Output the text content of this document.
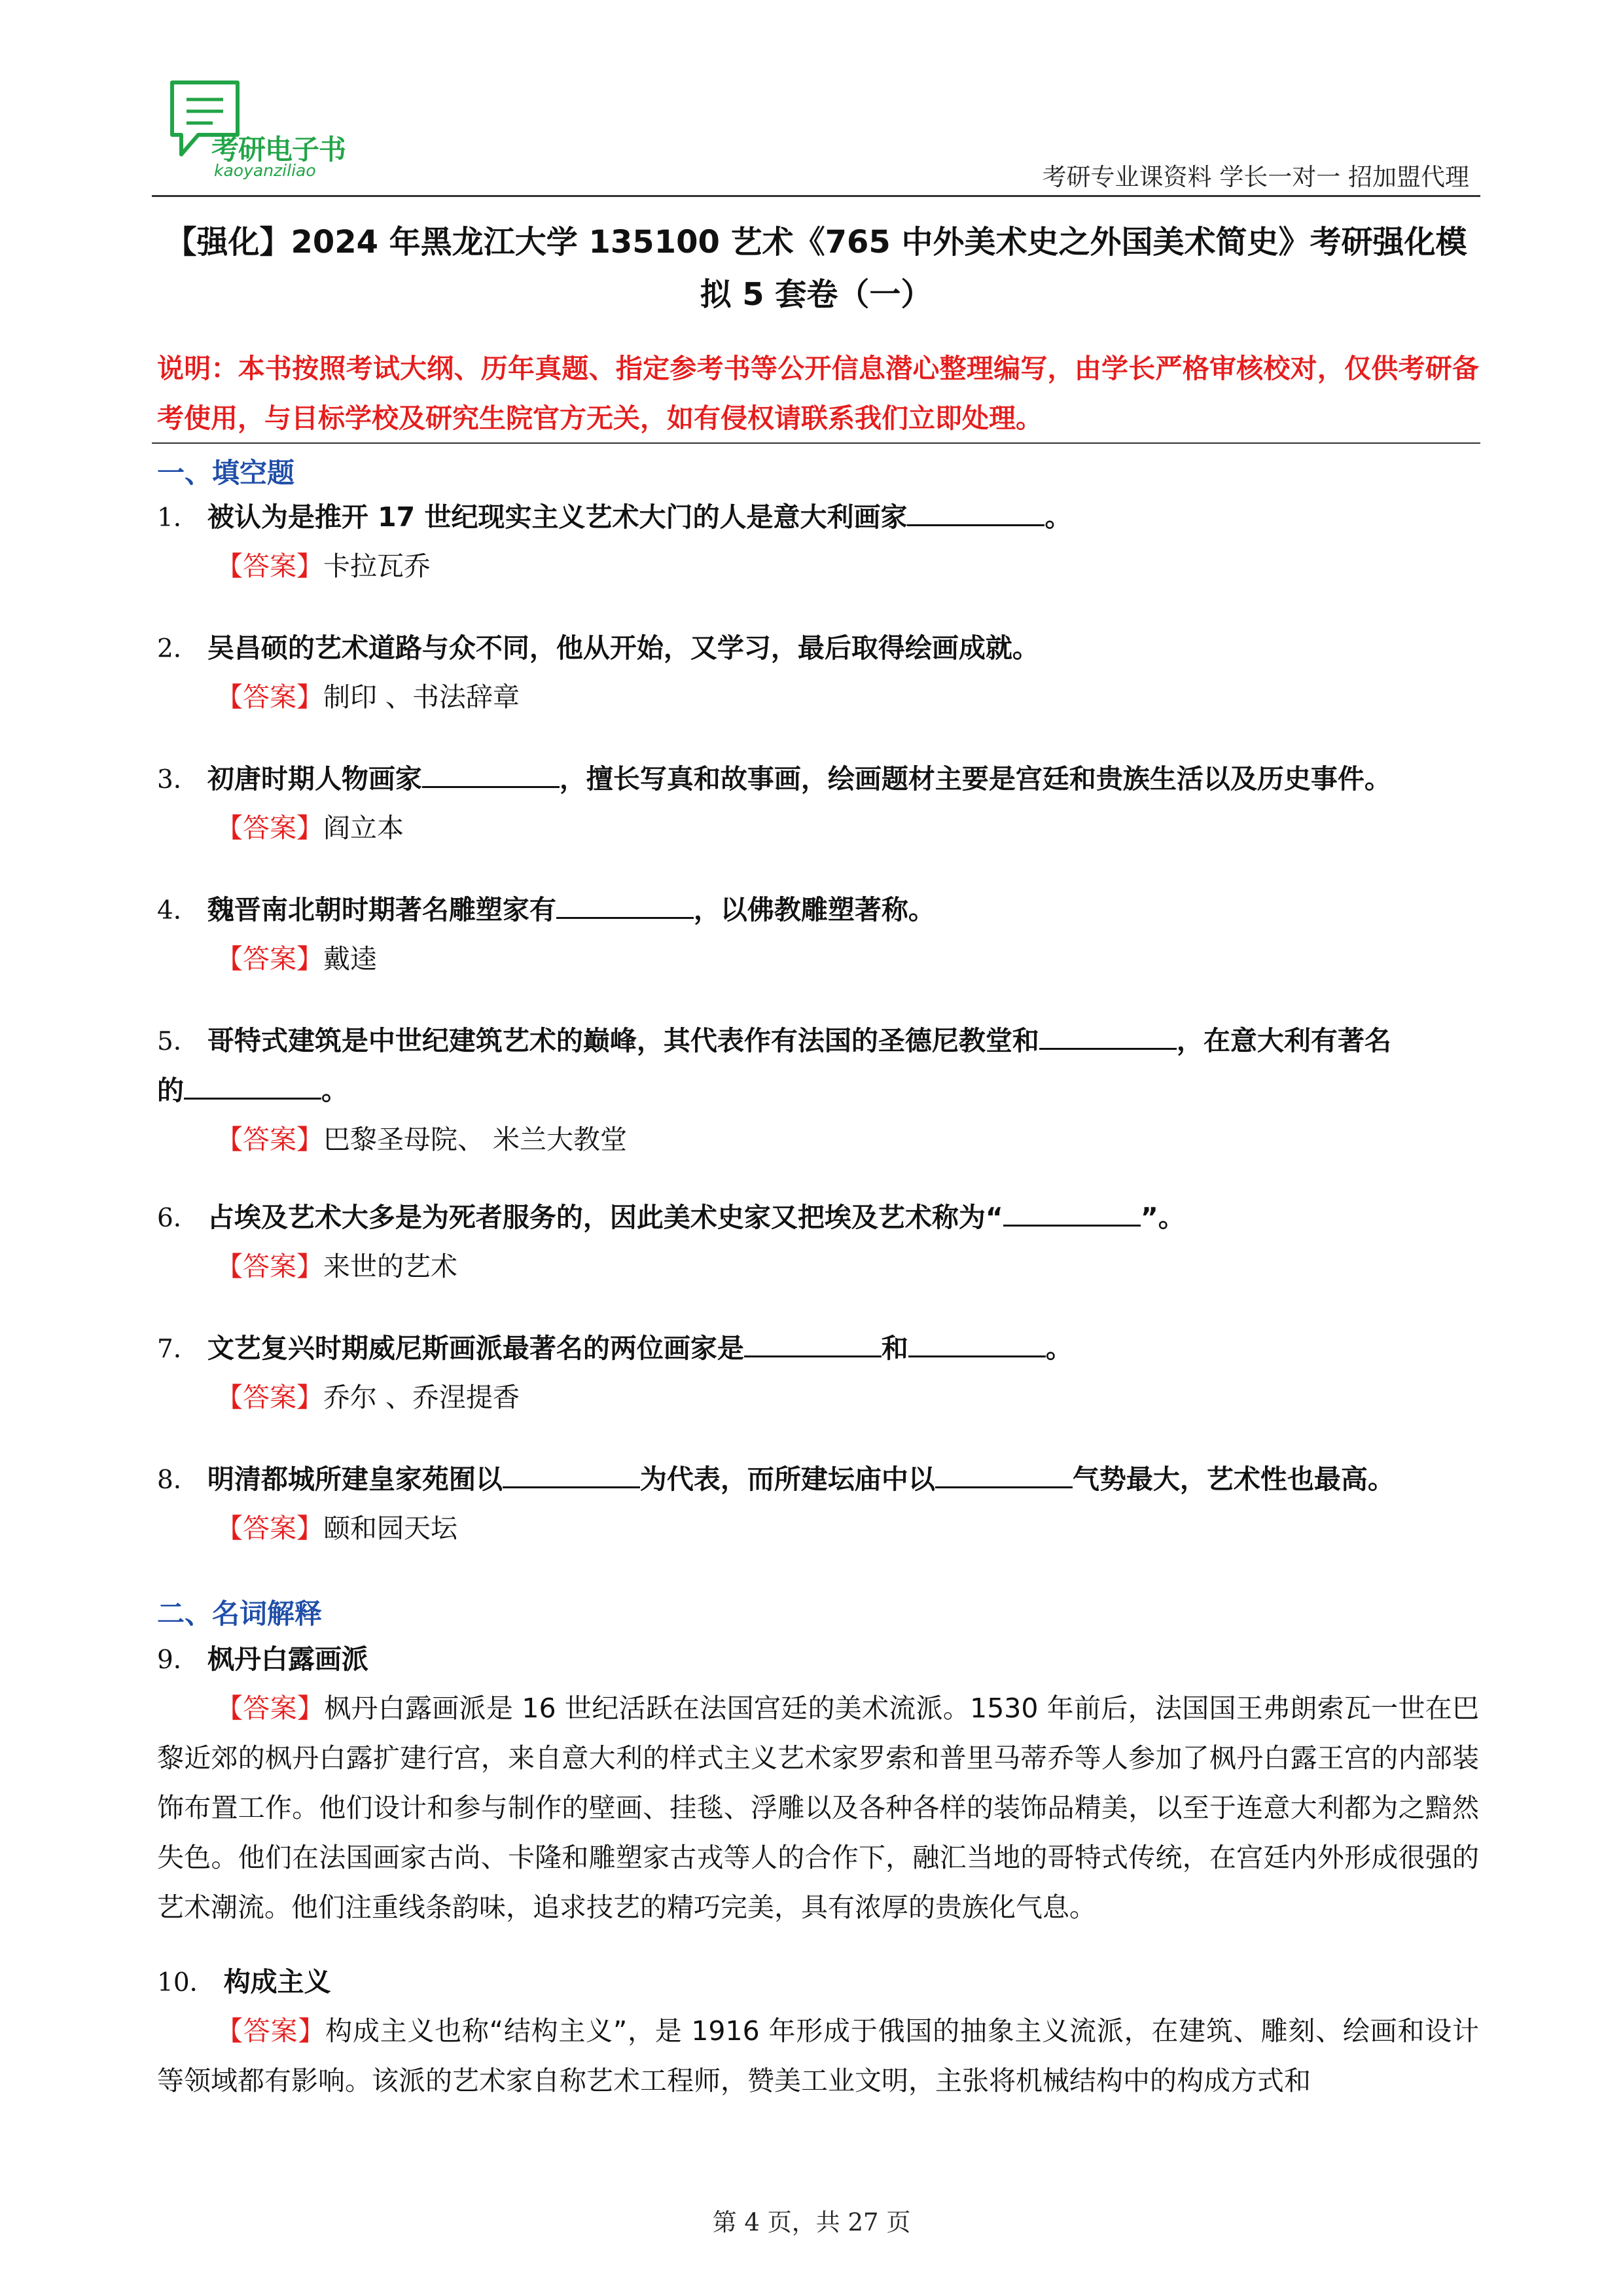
考研电子书
kaoyanziliao	考研专业课资料 学长一对一 招加盟代理
【强化】2024 年黑龙江大学 135100 艺术《765 中外美术史之外国美术简史》考研强化模
拟 5 套卷（一）
说明：本书按照考试大纲、历年真题、指定参考书等公开信息潜心整理编写，由学长严格审核校对，仅供考研备考使用，与目标学校及研究生院官方无关，如有侵权请联系我们立即处理。
一、填空题
1． 被认为是推开 17 世纪现实主义艺术大门的人是意大利画家	。
【答案】卡拉瓦乔
2． 吴昌硕的艺术道路与众不同，他从开始，又学习，最后取得绘画成就。
【答案】制印 、书法辞章
3． 初唐时期人物画家	，擅长写真和故事画，绘画题材主要是宫廷和贵族生活以及历史事件。
【答案】阎立本
4． 魏晋南北朝时期著名雕塑家有	，以佛教雕塑著称。
【答案】戴逵
5． 哥特式建筑是中世纪建筑艺术的巅峰，其代表作有法国的圣德尼教堂和	，在意大利有著名
的	。
【答案】巴黎圣母院、 米兰大教堂
6． 占埃及艺术大多是为死者服务的，因此美术史家又把埃及艺术称为“	”。
【答案】来世的艺术
7． 文艺复兴时期威尼斯画派最著名的两位画家是	和	。
【答案】乔尔 、乔涅提香
8． 明清都城所建皇家苑囿以	为代表，而所建坛庙中以	气势最大，艺术性也最高。
【答案】颐和园天坛
二、名词解释
9． 枫丹白露画派
【答案】枫丹白露画派是 16 世纪活跃在法国宫廷的美术流派。1530 年前后，法国国王弗朗索瓦一世在巴黎近郊的枫丹白露扩建行宫，来自意大利的样式主义艺术家罗索和普里马蒂乔等人参加了枫丹白露王宫的内部装饰布置工作。他们设计和参与制作的壁画、挂毯、浮雕以及各种各样的装饰品精美，以至于连意大利都为之黯然失色。他们在法国画家古尚、卡隆和雕塑家古戎等人的合作下，融汇当地的哥特式传统，在宫廷内外形成很强的艺术潮流。他们注重线条韵味，追求技艺的精巧完美，具有浓厚的贵族化气息。
10． 构成主义
【答案】构成主义也称“结构主义”，是 1916 年形成于俄国的抽象主义流派，在建筑、雕刻、绘画和设计等领域都有影响。该派的艺术家自称艺术工程师，赞美工业文明，主张将机械结构中的构成方式和
第 4 页，共 27 页
